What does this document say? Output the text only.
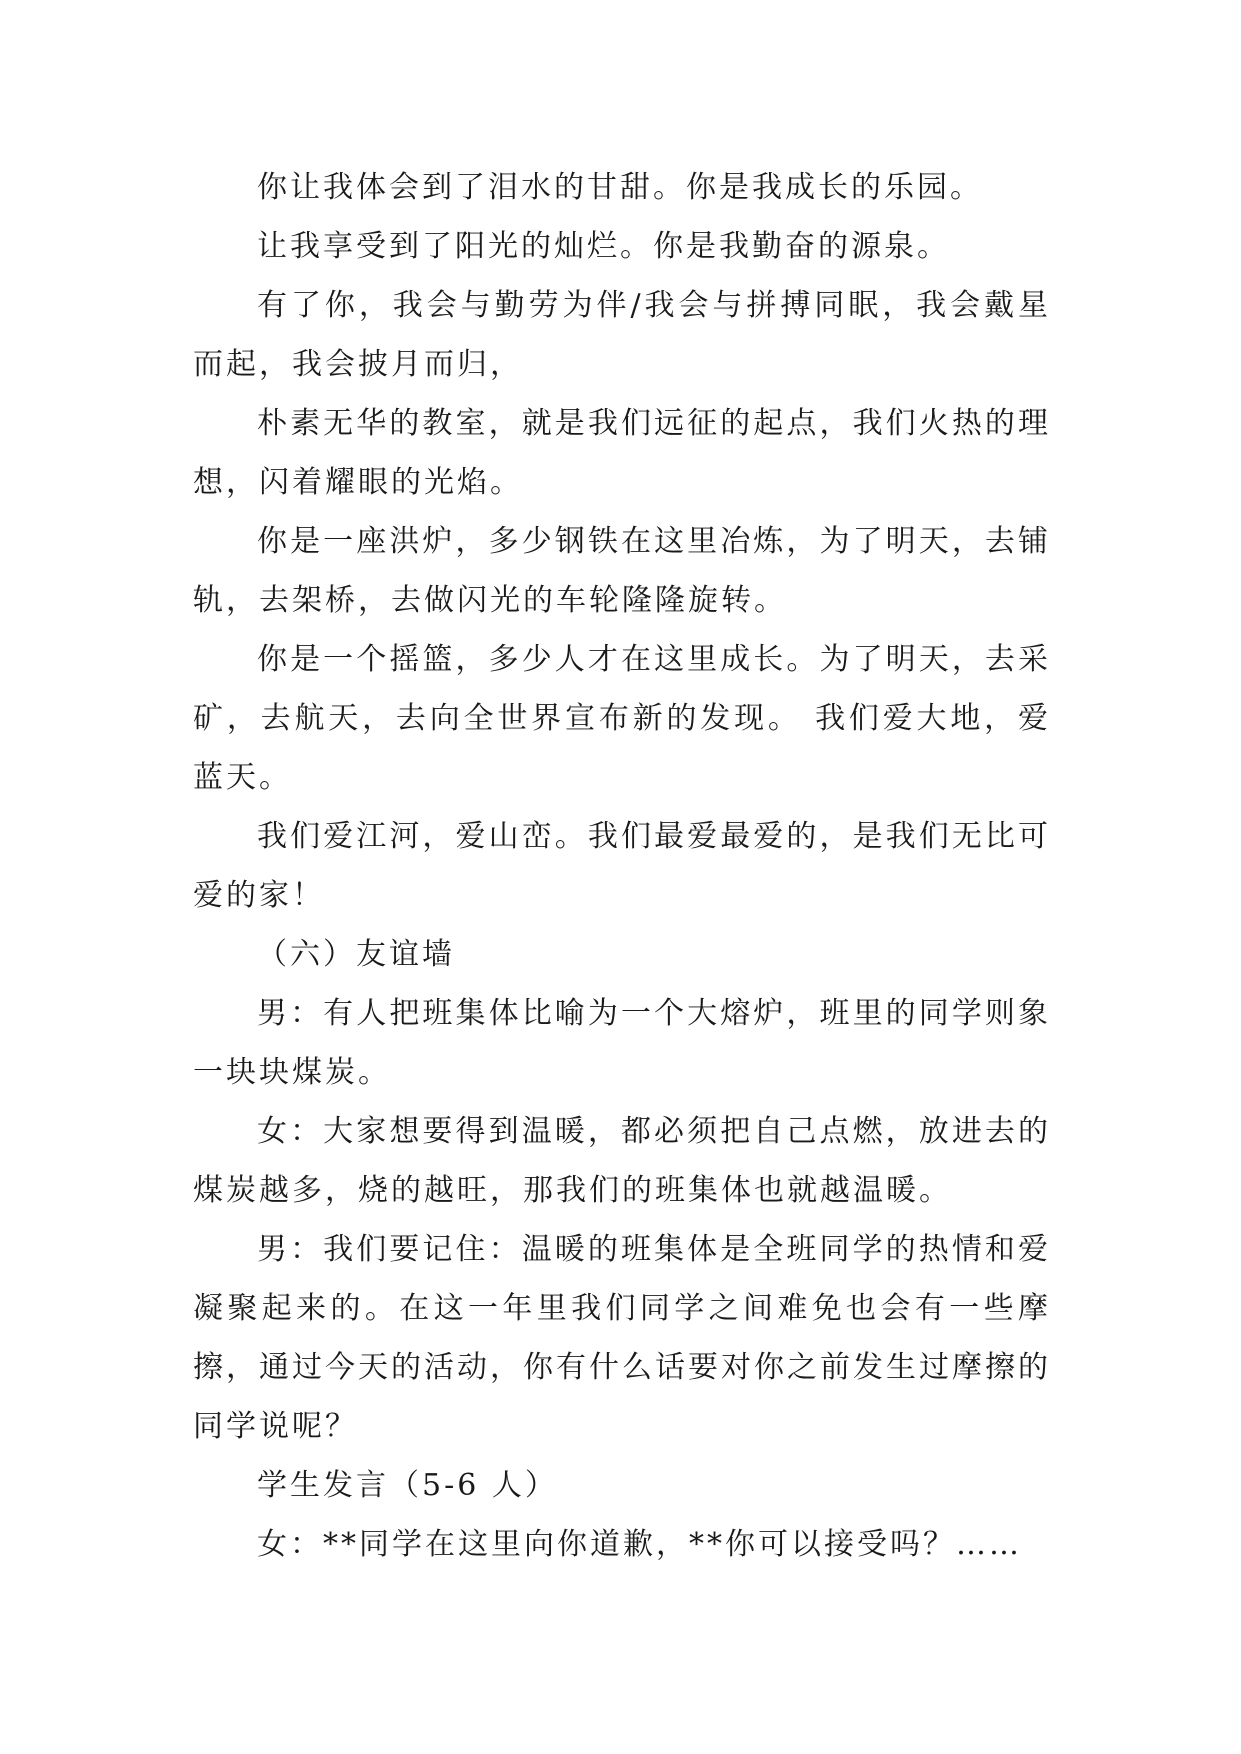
你让我体会到了泪水的甘甜。你是我成长的乐园。

让我享受到了阳光的灿烂。你是我勤奋的源泉。

有了你，我会与勤劳为伴/我会与拼搏同眠，我会戴星而起，我会披月而归，

朴素无华的教室，就是我们远征的起点，我们火热的理想，闪着耀眼的光焰。

你是一座洪炉，多少钢铁在这里冶炼，为了明天，去铺轨，去架桥，去做闪光的车轮隆隆旋转。

你是一个摇篮，多少人才在这里成长。为了明天，去采矿，去航天，去向全世界宣布新的发现。 我们爱大地，爱蓝天。

我们爱江河，爱山峦。我们最爱最爱的，是我们无比可爱的家！

（六）友谊墙

男：有人把班集体比喻为一个大熔炉，班里的同学则象一块块煤炭。

女：大家想要得到温暖，都必须把自己点燃，放进去的煤炭越多，烧的越旺，那我们的班集体也就越温暖。

男：我们要记住：温暖的班集体是全班同学的热情和爱凝聚起来的。在这一年里我们同学之间难免也会有一些摩擦，通过今天的活动，你有什么话要对你之前发生过摩擦的同学说呢？

学生发言（5-6 人）

女：**同学在这里向你道歉，**你可以接受吗？……
